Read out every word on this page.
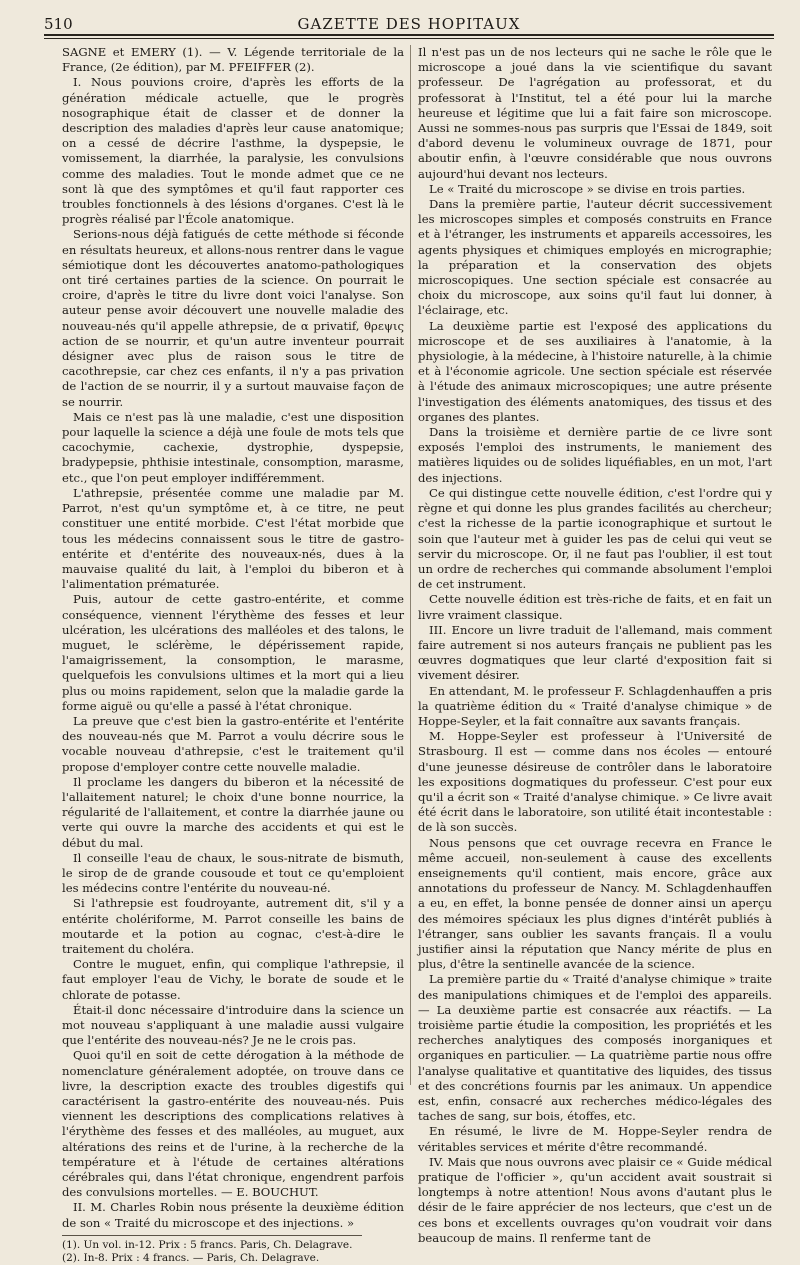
510	GAZETTE DES HOPITAUX

SAGNE et EMERY (1). — V. Légende territoriale de la France, (2e édition), par M. PFEIFFER (2).

I. Nous pouvions croire, d'après les efforts de la génération médicale actuelle, que le progrès nosographique était de classer et de donner la description des maladies d'après leur cause anatomique; on a cessé de décrire l'asthme, la dyspepsie, le vomissement, la diarrhée, la paralysie, les convulsions comme des maladies. Tout le monde admet que ce ne sont là que des symptômes et qu'il faut rapporter ces troubles fonctionnels à des lésions d'organes. C'est là le progrès réalisé par l'École anatomique.

Serions-nous déjà fatigués de cette méthode si féconde en résultats heureux, et allons-nous rentrer dans le vague sémiotique dont les découvertes anatomo-pathologiques ont tiré certaines parties de la science. On pourrait le croire, d'après le titre du livre dont voici l'analyse. Son auteur pense avoir découvert une nouvelle maladie des nouveau-nés qu'il appelle athrepsie, de α privatif, θρεψις action de se nourrir, et qu'un autre inventeur pourrait désigner avec plus de raison sous le titre de cacothrepsie, car chez ces enfants, il n'y a pas privation de l'action de se nourrir, il y a surtout mauvaise façon de se nourrir.

Mais ce n'est pas là une maladie, c'est une disposition pour laquelle la science a déjà une foule de mots tels que cacochymie, cachexie, dystrophie, dyspepsie, bradypepsie, phthisie intestinale, consomption, marasme, etc., que l'on peut employer indifféremment.

L'athrepsie, présentée comme une maladie par M. Parrot, n'est qu'un symptôme et, à ce titre, ne peut constituer une entité morbide. C'est l'état morbide que tous les médecins connaissent sous le titre de gastro-entérite et d'entérite des nouveaux-nés, dues à la mauvaise qualité du lait, à l'emploi du biberon et à l'alimentation prématurée.

Puis, autour de cette gastro-entérite, et comme conséquence, viennent l'érythème des fesses et leur ulcération, les ulcérations des malléoles et des talons, le muguet, le sclérème, le dépérissement rapide, l'amaigrissement, la consomption, le marasme, quelquefois les convulsions ultimes et la mort qui a lieu plus ou moins rapidement, selon que la maladie garde la forme aiguë ou qu'elle a passé à l'état chronique.

La preuve que c'est bien la gastro-entérite et l'entérite des nouveau-nés que M. Parrot a voulu décrire sous le vocable nouveau d'athrepsie, c'est le traitement qu'il propose d'employer contre cette nouvelle maladie.

Il proclame les dangers du biberon et la nécessité de l'allaitement naturel; le choix d'une bonne nourrice, la régularité de l'allaitement, et contre la diarrhée jaune ou verte qui ouvre la marche des accidents et qui est le début du mal.

Il conseille l'eau de chaux, le sous-nitrate de bismuth, le sirop de de grande cousoude et tout ce qu'emploient les médecins contre l'entérite du nouveau-né.

Si l'athrepsie est foudroyante, autrement dit, s'il y a entérite cholériforme, M. Parrot conseille les bains de moutarde et la potion au cognac, c'est-à-dire le traitement du choléra.

Contre le muguet, enfin, qui complique l'athrepsie, il faut employer l'eau de Vichy, le borate de soude et le chlorate de potasse.

Était-il donc nécessaire d'introduire dans la science un mot nouveau s'appliquant à une maladie aussi vulgaire que l'entérite des nouveau-nés? Je ne le crois pas.

Quoi qu'il en soit de cette dérogation à la méthode de nomenclature généralement adoptée, on trouve dans ce livre, la description exacte des troubles digestifs qui caractérisent la gastro-entérite des nouveau-nés. Puis viennent les descriptions des complications relatives à l'érythème des fesses et des malléoles, au muguet, aux altérations des reins et de l'urine, à la recherche de la température et à l'étude de certaines altérations cérébrales qui, dans l'état chronique, engendrent parfois des convulsions mortelles. — E. BOUCHUT.

II. M. Charles Robin nous présente la deuxième édition de son « Traité du microscope et des injections. »

(1). Un vol. in-12. Prix : 5 francs. Paris, Ch. Delagrave.

(2). In-8. Prix : 4 francs. — Paris, Ch. Delagrave.

Il n'est pas un de nos lecteurs qui ne sache le rôle que le microscope a joué dans la vie scientifique du savant professeur. De l'agrégation au professorat, et du professorat à l'Institut, tel a été pour lui la marche heureuse et légitime que lui a fait faire son microscope. Aussi ne sommes-nous pas surpris que l'Essai de 1849, soit d'abord devenu le volumineux ouvrage de 1871, pour aboutir enfin, à l'œuvre considérable que nous ouvrons aujourd'hui devant nos lecteurs.

Le « Traité du microscope » se divise en trois parties.

Dans la première partie, l'auteur décrit successivement les microscopes simples et composés construits en France et à l'étranger, les instruments et appareils accessoires, les agents physiques et chimiques employés en micrographie; la préparation et la conservation des objets microscopiques. Une section spéciale est consacrée au choix du microscope, aux soins qu'il faut lui donner, à l'éclairage, etc.

La deuxième partie est l'exposé des applications du microscope et de ses auxiliaires à l'anatomie, à la physiologie, à la médecine, à l'histoire naturelle, à la chimie et à l'économie agricole. Une section spéciale est réservée à l'étude des animaux microscopiques; une autre présente l'investigation des éléments anatomiques, des tissus et des organes des plantes.

Dans la troisième et dernière partie de ce livre sont exposés l'emploi des instruments, le maniement des matières liquides ou de solides liquéfiables, en un mot, l'art des injections.

Ce qui distingue cette nouvelle édition, c'est l'ordre qui y règne et qui donne les plus grandes facilités au chercheur; c'est la richesse de la partie iconographique et surtout le soin que l'auteur met à guider les pas de celui qui veut se servir du microscope. Or, il ne faut pas l'oublier, il est tout un ordre de recherches qui commande absolument l'emploi de cet instrument.

Cette nouvelle édition est très-riche de faits, et en fait un livre vraiment classique.

III. Encore un livre traduit de l'allemand, mais comment faire autrement si nos auteurs français ne publient pas les œuvres dogmatiques que leur clarté d'exposition fait si vivement désirer.

En attendant, M. le professeur F. Schlagdenhauffen a pris la quatrième édition du « Traité d'analyse chimique » de Hoppe-Seyler, et la fait connaître aux savants français.

M. Hoppe-Seyler est professeur à l'Université de Strasbourg. Il est — comme dans nos écoles — entouré d'une jeunesse désireuse de contrôler dans le laboratoire les expositions dogmatiques du professeur. C'est pour eux qu'il a écrit son « Traité d'analyse chimique. » Ce livre avait été écrit dans le laboratoire, son utilité était incontestable : de là son succès.

Nous pensons que cet ouvrage recevra en France le même accueil, non-seulement à cause des excellents enseignements qu'il contient, mais encore, grâce aux annotations du professeur de Nancy. M. Schlagdenhauffen a eu, en effet, la bonne pensée de donner ainsi un aperçu des mémoires spéciaux les plus dignes d'intérêt publiés à l'étranger, sans oublier les savants français. Il a voulu justifier ainsi la réputation que Nancy mérite de plus en plus, d'être la sentinelle avancée de la science.

La première partie du « Traité d'analyse chimique » traite des manipulations chimiques et de l'emploi des appareils. — La deuxième partie est consacrée aux réactifs. — La troisième partie étudie la composition, les propriétés et les recherches analytiques des composés inorganiques et organiques en particulier. — La quatrième partie nous offre l'analyse qualitative et quantitative des liquides, des tissus et des concrétions fournis par les animaux. Un appendice est, enfin, consacré aux recherches médico-légales des taches de sang, sur bois, étoffes, etc.

En résumé, le livre de M. Hoppe-Seyler rendra de véritables services et mérite d'être recommandé.

IV. Mais que nous ouvrons avec plaisir ce « Guide médical pratique de l'officier », qu'un accident avait soustrait si longtemps à notre attention! Nous avons d'autant plus le désir de le faire apprécier de nos lecteurs, que c'est un de ces bons et excellents ouvrages qu'on voudrait voir dans beaucoup de mains. Il renferme tant de
